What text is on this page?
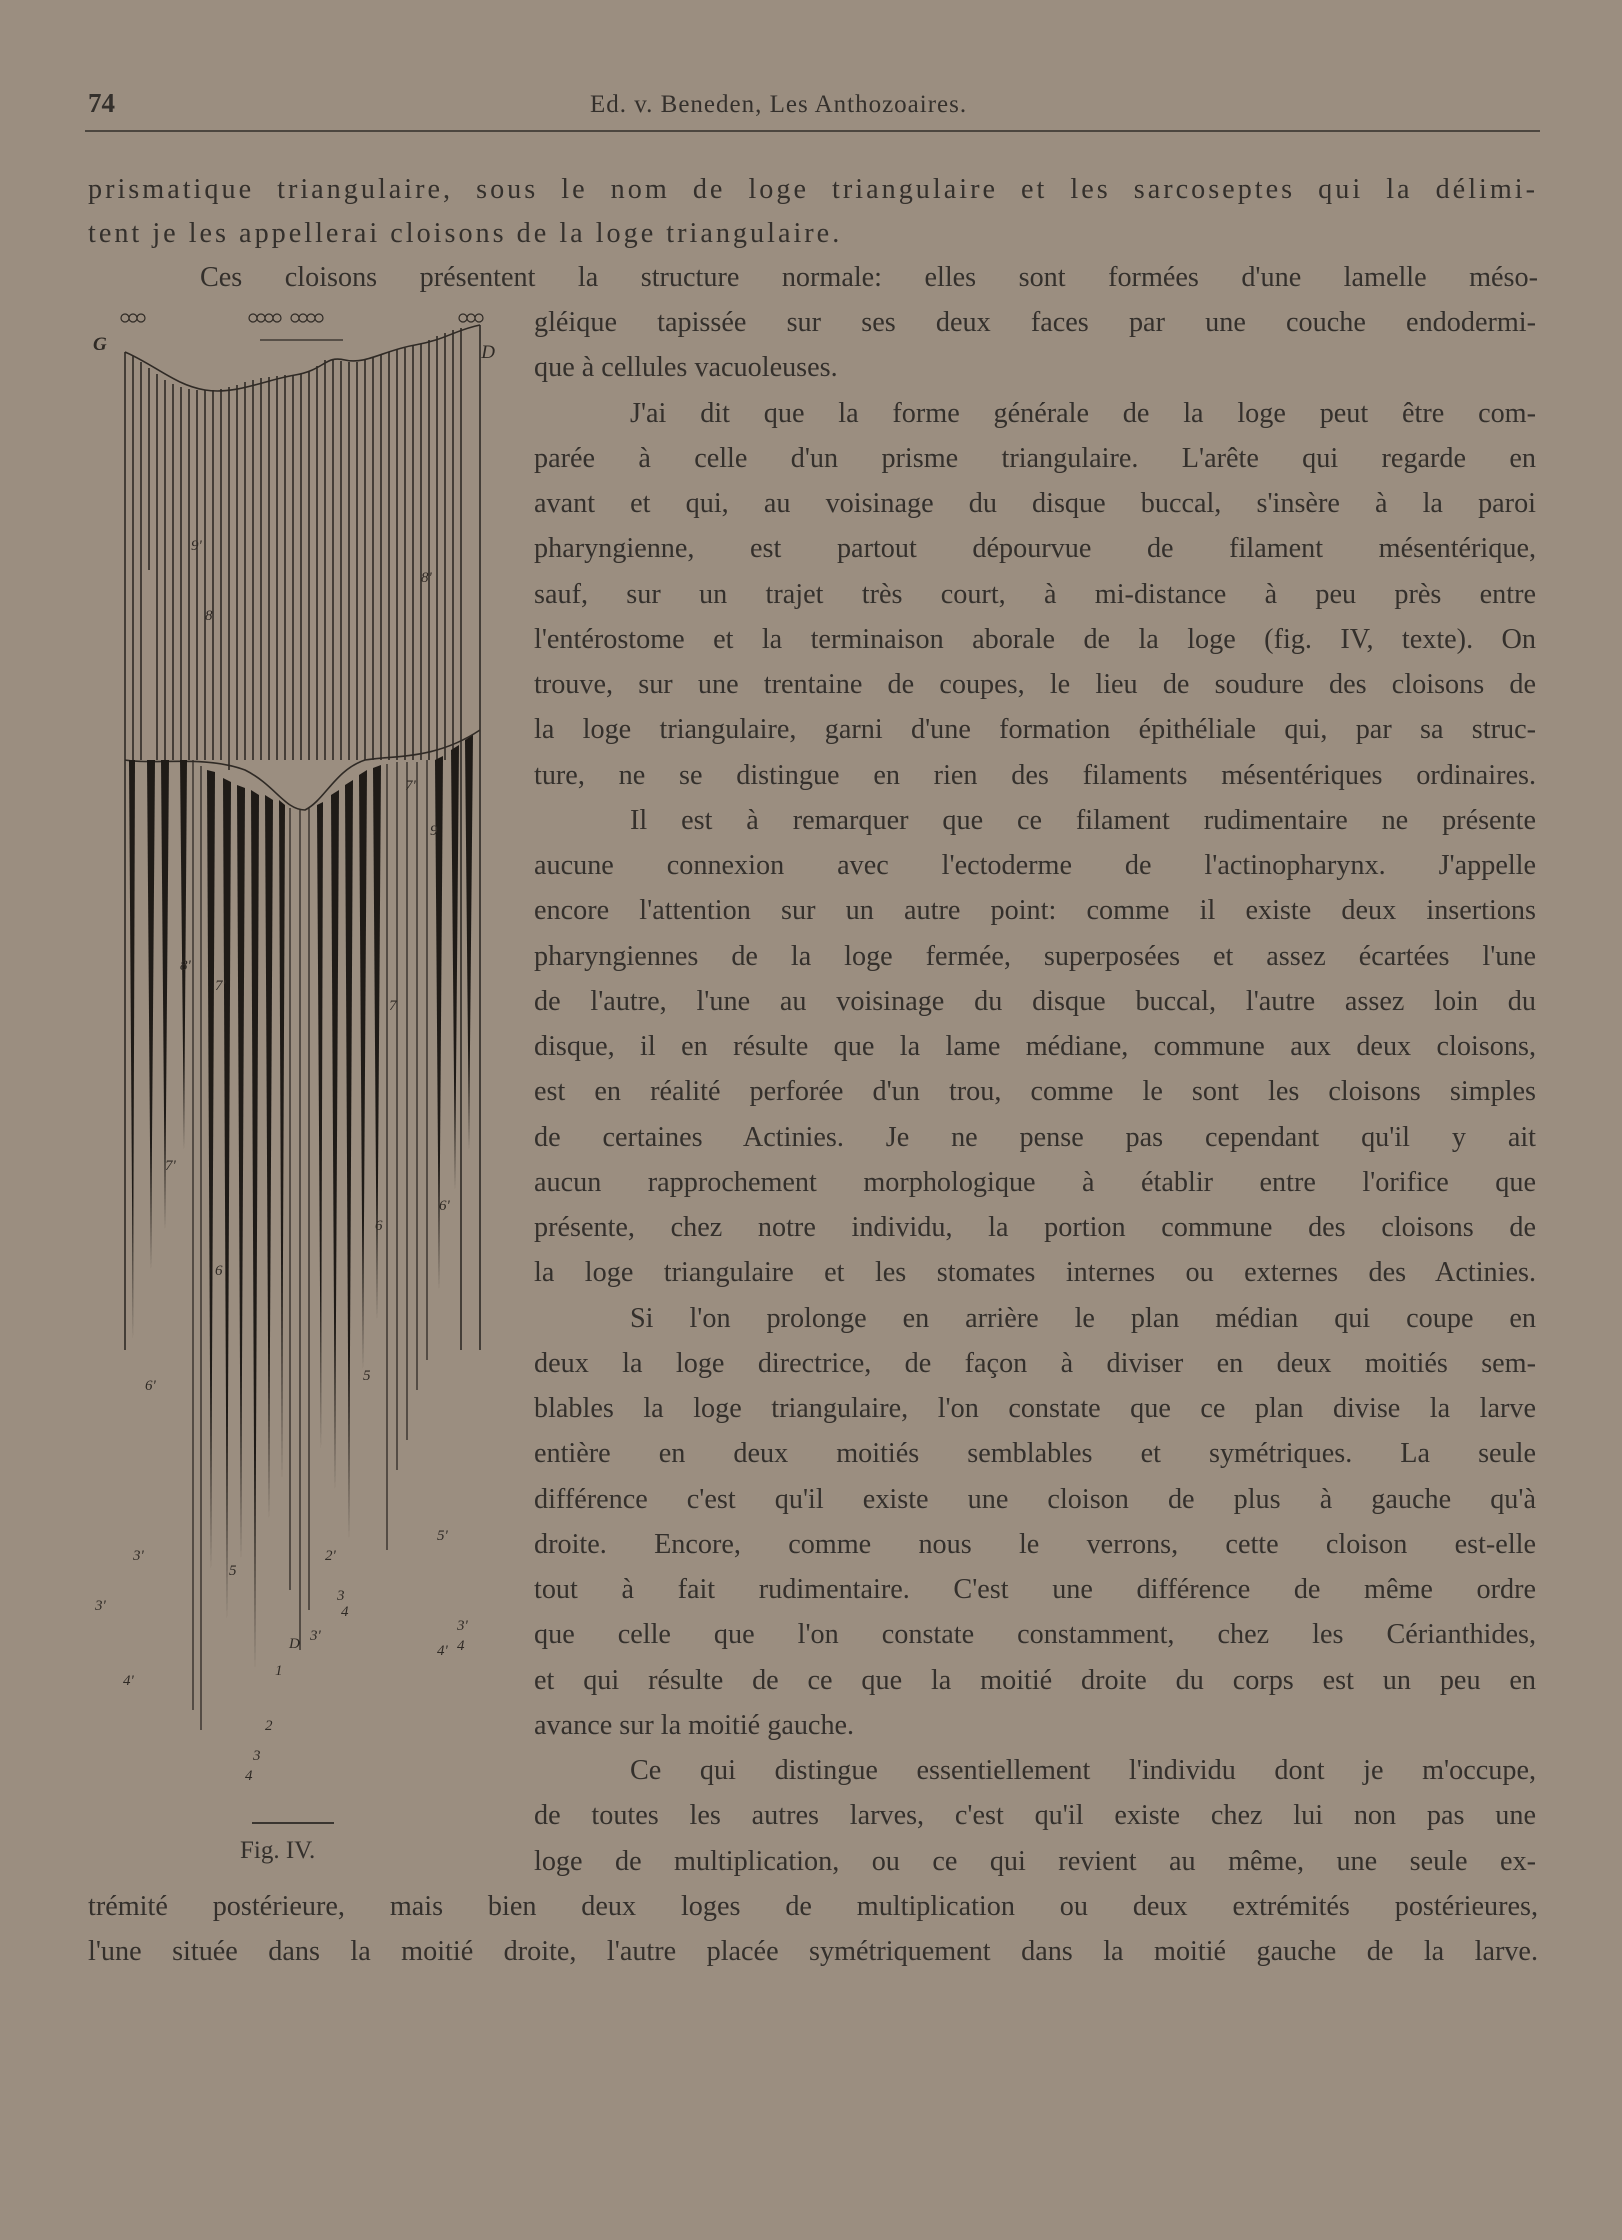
74	Ed. v. Beneden, Les Anthozoaires.
prismatique triangulaire, sous le nom de loge triangulaire et les sarcoseptes qui la délimi-
tent je les appellerai cloisons de la loge triangulaire.
Ces cloisons présentent la structure normale: elles sont formées d'une lamelle méso-
gléique tapissée sur ses deux faces par une couche endodermi-
que à cellules vacuoleuses.
J'ai dit que la forme générale de la loge peut être com-
parée à celle d'un prisme triangulaire. L'arête qui regarde en
avant et qui, au voisinage du disque buccal, s'insère à la paroi
pharyngienne, est partout dépourvue de filament mésentérique,
sauf, sur un trajet très court, à mi-distance à peu près entre
l'entérostome et la terminaison aborale de la loge (fig. IV, texte). On
trouve, sur une trentaine de coupes, le lieu de soudure des cloisons de
la loge triangulaire, garni d'une formation épithéliale qui, par sa struc-
ture, ne se distingue en rien des filaments mésentériques ordinaires.
Il est à remarquer que ce filament rudimentaire ne présente
aucune connexion avec l'ectoderme de l'actinopharynx. J'appelle
encore l'attention sur un autre point: comme il existe deux insertions
pharyngiennes de la loge fermée, superposées et assez écartées l'une
de l'autre, l'une au voisinage du disque buccal, l'autre assez loin du
disque, il en résulte que la lame médiane, commune aux deux cloisons,
est en réalité perforée d'un trou, comme le sont les cloisons simples
de certaines Actinies. Je ne pense pas cependant qu'il y ait
aucun rapprochement morphologique à établir entre l'orifice que
présente, chez notre individu, la portion commune des cloisons de
la loge triangulaire et les stomates internes ou externes des Actinies.
Si l'on prolonge en arrière le plan médian qui coupe en
deux la loge directrice, de façon à diviser en deux moitiés sem-
blables la loge triangulaire, l'on constate que ce plan divise la larve
entière en deux moitiés semblables et symétriques. La seule
différence c'est qu'il existe une cloison de plus à gauche qu'à
droite. Encore, comme nous le verrons, cette cloison est-elle
tout à fait rudimentaire. C'est une différence de même ordre
que celle que l'on constate constamment, chez les Cérianthides,
et qui résulte de ce que la moitié droite du corps est un peu en
avance sur la moitié gauche.
Ce qui distingue essentiellement l'individu dont je m'occupe,
de toutes les autres larves, c'est qu'il existe chez lui non pas une
loge de multiplication, ou ce qui revient au même, une seule ex-
trémité postérieure, mais bien deux loges de multiplication ou deux extrémités postérieures,
l'une située dans la moitié droite, l'autre placée symétriquement dans la moitié gauche de la larve.
G	D
9'
8
8'
7'
8'
7'
7
9
7'
6'
6
6
6'
5
5'
3'
3'
2'
3'
3
4'
4
4
5
1
2
3
D
4
3'
4'
Fig. IV.
